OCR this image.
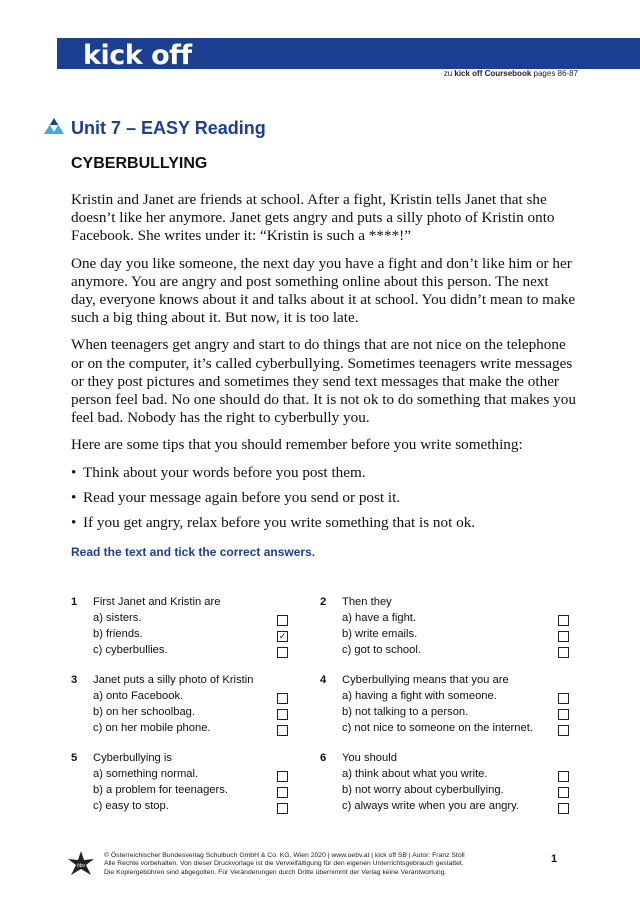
kick off
zu kick off Coursebook pages 86-87
Unit 7 – EASY Reading
CYBERBULLYING

Kristin and Janet are friends at school. After a fight, Kristin tells Janet that she doesn’t like her anymore. Janet gets angry and puts a silly photo of Kristin onto Facebook. She writes under it: “Kristin is such a ****!”

One day you like someone, the next day you have a fight and don’t like him or her anymore. You are angry and post something online about this person. The next day, everyone knows about it and talks about it at school. You didn’t mean to make such a big thing about it. But now, it is too late.

When teenagers get angry and start to do things that are not nice on the telephone or on the computer, it’s called cyberbullying. Sometimes teenagers write messages or they post pictures and sometimes they send text messages that make the other person feel bad. No one should do that. It is not ok to do something that makes you feel bad. Nobody has the right to cyberbully you.

Here are some tips that you should remember before you write something:

• Think about your words before you post them.
• Read your message again before you send or post it.
• If you get angry, relax before you write something that is not ok.
Read the text and tick the correct answers.
1 First Janet and Kristin are
a) sisters.
b) friends.
c) cyberbullies.
✓
2 Then they
a) have a fight.
b) write emails.
c) got to school.
3 Janet puts a silly photo of Kristin
a) onto Facebook.
b) on her schoolbag.
c) on her mobile phone.
4 Cyberbullying means that you are
a) having a fight with someone.
b) not talking to a person.
c) not nice to someone on the internet.
5 Cyberbullying is
a) something normal.
b) a problem for teenagers.
c) easy to stop.
6 You should
a) think about what you write.
b) not worry about cyberbullying.
c) always write when you are angry.
öbv
© Österreichischer Bundesverlag Schulbuch GmbH & Co. KG, Wien 2020 | www.oebv.at | kick off SB | Autor: Franz Stoll
Alle Rechte vorbehalten. Von dieser Druckvorlage ist die Vervielfältigung für den eigenen Unterrichtsgebrauch gestattet.
Die Kopiergebühren sind abgegolten. Für Veränderungen durch Dritte übernimmt der Verlag keine Verantwortung.
1
